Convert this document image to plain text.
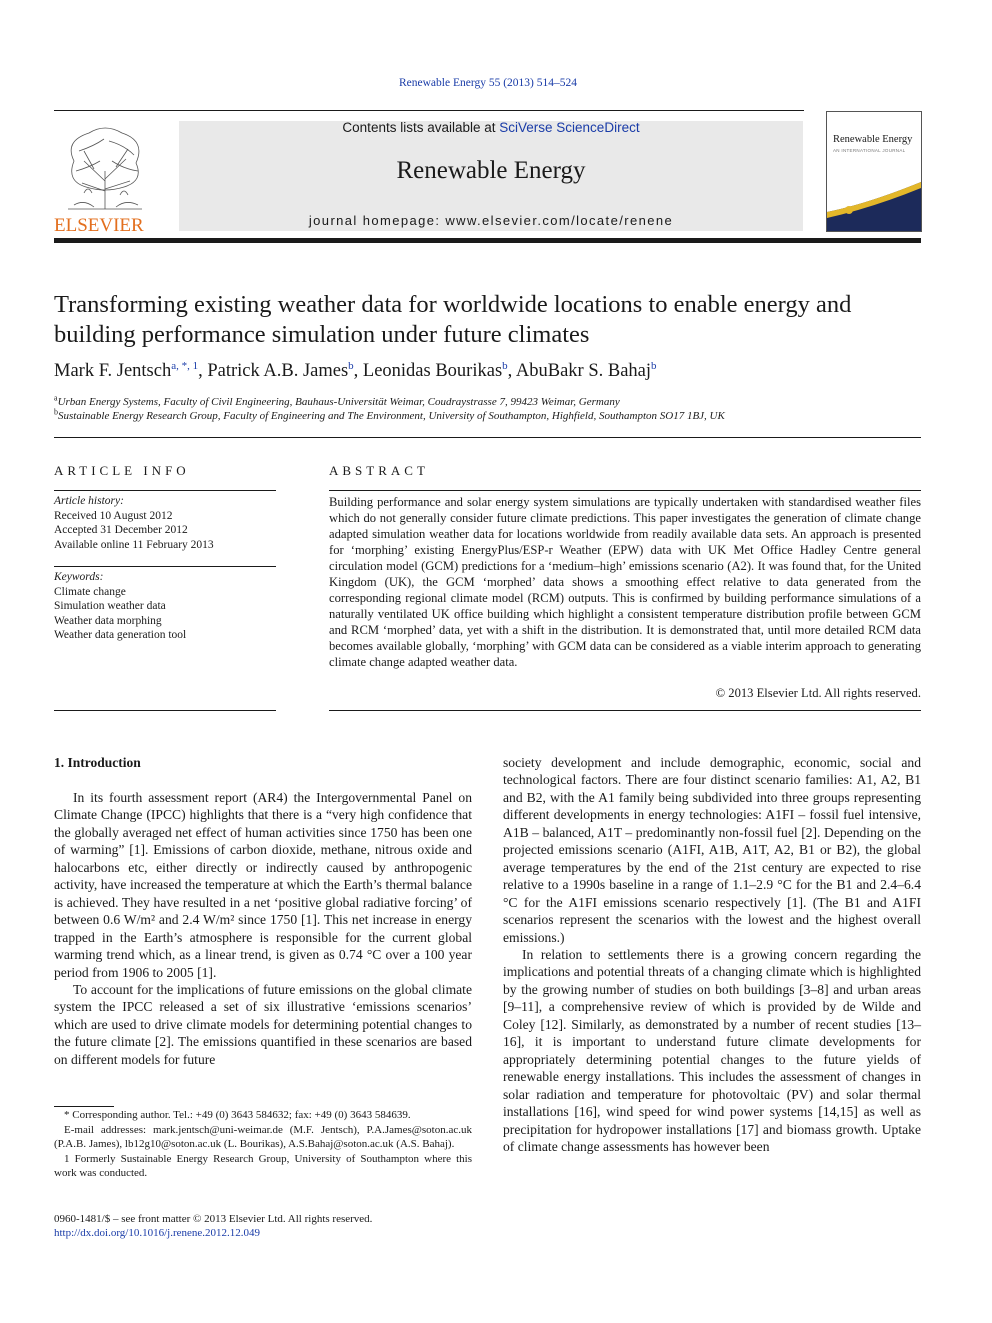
Renewable Energy 55 (2013) 514–524
ELSEVIER
Contents lists available at SciVerse ScienceDirect
Renewable Energy
journal homepage: www.elsevier.com/locate/renene
Renewable Energy
AN INTERNATIONAL JOURNAL
Transforming existing weather data for worldwide locations to enable energy and building performance simulation under future climates
Mark F. Jentsch$^{a, *, 1}$, Patrick A.B. James$^b$, Leonidas Bourikas$^b$, AbuBakr S. Bahaj$^b$
$^a$Urban Energy Systems, Faculty of Civil Engineering, Bauhaus-Universität Weimar, Coudraystrasse 7, 99423 Weimar, Germany
$^b$Sustainable Energy Research Group, Faculty of Engineering and The Environment, University of Southampton, Highfield, Southampton SO17 1BJ, UK
ARTICLE INFO
Article history:
Received 10 August 2012
Accepted 31 December 2012
Available online 11 February 2013
Keywords:
Climate change
Simulation weather data
Weather data morphing
Weather data generation tool
ABSTRACT
Building performance and solar energy system simulations are typically undertaken with standardised weather files which do not generally consider future climate predictions. This paper investigates the generation of climate change adapted simulation weather data for locations worldwide from readily available data sets. An approach is presented for ‘morphing’ existing EnergyPlus/ESP-r Weather (EPW) data with UK Met Office Hadley Centre general circulation model (GCM) predictions for a ‘medium–high’ emissions scenario (A2). It was found that, for the United Kingdom (UK), the GCM ‘morphed’ data shows a smoothing effect relative to data generated from the corresponding regional climate model (RCM) outputs. This is confirmed by building performance simulations of a naturally ventilated UK office building which highlight a consistent temperature distribution profile between GCM and RCM ‘morphed’ data, yet with a shift in the distribution. It is demonstrated that, until more detailed RCM data becomes available globally, ‘morphing’ with GCM data can be considered as a viable interim approach to generating climate change adapted weather data.
© 2013 Elsevier Ltd. All rights reserved.
1. Introduction

In its fourth assessment report (AR4) the Intergovernmental Panel on Climate Change (IPCC) highlights that there is a “very high confidence that the globally averaged net effect of human activities since 1750 has been one of warming” [1]. Emissions of carbon dioxide, methane, nitrous oxide and halocarbons etc, either directly or indirectly caused by anthropogenic activity, have increased the temperature at which the Earth’s thermal balance is achieved. They have resulted in a net ‘positive global radiative forcing’ of between 0.6 W/m² and 2.4 W/m² since 1750 [1]. This net increase in energy trapped in the Earth’s atmosphere is responsible for the current global warming trend which, as a linear trend, is given as 0.74 °C over a 100 year period from 1906 to 2005 [1].

To account for the implications of future emissions on the global climate system the IPCC released a set of six illustrative ‘emissions scenarios’ which are used to drive climate models for determining potential changes to the future climate [2]. The emissions quantified in these scenarios are based on different models for future

society development and include demographic, economic, social and technological factors. There are four distinct scenario families: A1, A2, B1 and B2, with the A1 family being subdivided into three groups representing different developments in energy technologies: A1FI – fossil fuel intensive, A1B – balanced, A1T – predominantly non-fossil fuel [2]. Depending on the projected emissions scenario (A1FI, A1B, A1T, A2, B1 or B2), the global average temperatures by the end of the 21st century are expected to rise relative to a 1990s baseline in a range of 1.1–2.9 °C for the B1 and 2.4–6.4 °C for the A1FI emissions scenario respectively [1]. (The B1 and A1FI scenarios represent the scenarios with the lowest and the highest overall emissions.)

In relation to settlements there is a growing concern regarding the implications and potential threats of a changing climate which is highlighted by the growing number of studies on both buildings [3–8] and urban areas [9–11], a comprehensive review of which is provided by de Wilde and Coley [12]. Similarly, as demonstrated by a number of recent studies [13–16], it is important to understand future climate developments for appropriately determining potential changes to the future yields of renewable energy installations. This includes the assessment of changes in solar radiation and temperature for photovoltaic (PV) and solar thermal installations [16], wind speed for wind power systems [14,15] as well as precipitation for hydropower installations [17] and biomass growth. Uptake of climate change assessments has however been

* Corresponding author. Tel.: +49 (0) 3643 584632; fax: +49 (0) 3643 584639.

E-mail addresses: mark.jentsch@uni-weimar.de (M.F. Jentsch), P.A.James@soton.ac.uk (P.A.B. James), lb12g10@soton.ac.uk (L. Bourikas), A.S.Bahaj@soton.ac.uk (A.S. Bahaj).

1 Formerly Sustainable Energy Research Group, University of Southampton where this work was conducted.

0960-1481/$ – see front matter © 2013 Elsevier Ltd. All rights reserved.
http://dx.doi.org/10.1016/j.renene.2012.12.049
